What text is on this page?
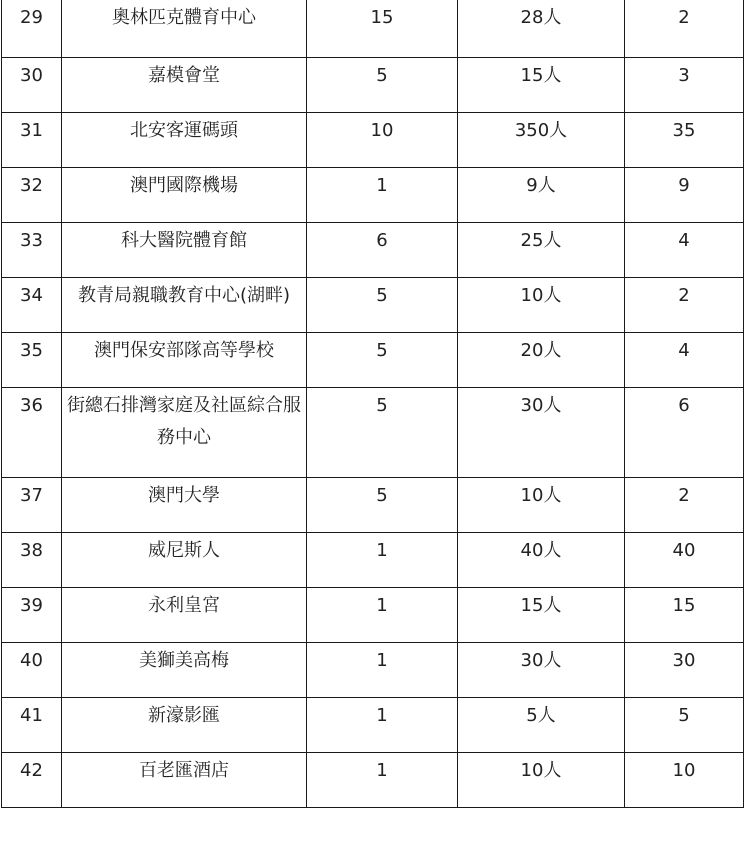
29	奧林匹克體育中心	15	28人	2
30	嘉模會堂	5	15人	3
31	北安客運碼頭	10	350人	35
32	澳門國際機場	1	9人	9
33	科大醫院體育館	6	25人	4
34	教青局親職教育中心(湖畔)	5	10人	2
35	澳門保安部隊高等學校	5	20人	4
36	街總石排灣家庭及社區綜合服務中心	5	30人	6
37	澳門大學	5	10人	2
38	威尼斯人	1	40人	40
39	永利皇宮	1	15人	15
40	美獅美高梅	1	30人	30
41	新濠影匯	1	5人	5
42	百老匯酒店	1	10人	10
